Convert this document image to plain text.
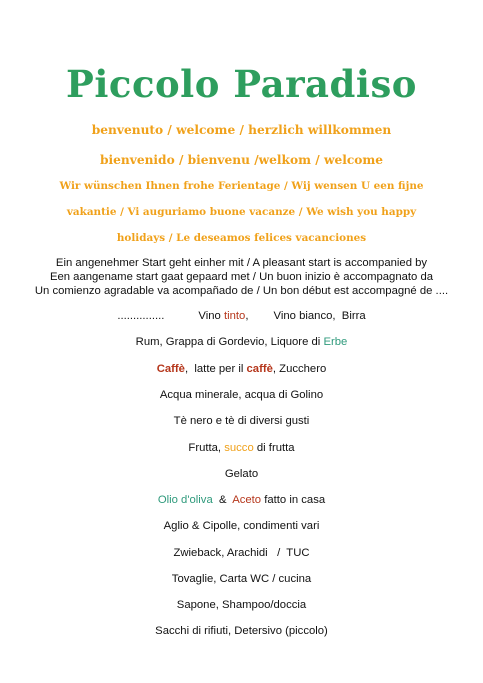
Piccolo Paradiso
benvenuto / welcome / herzlich willkommen
bienvenido / bienvenu /welkom / welcome
Wir wünschen Ihnen frohe Ferientage / Wij wensen U een fijne
vakantie / Vi auguriamo buone vacanze / We wish you happy
holidays / Le deseamos felices vacanciones
Ein angenehmer Start geht einher mit / A pleasant start is accompanied by
Een aangename start gaat gepaard met / Un buon inizio è accompagnato da
Un comienzo agradable va acompañado de / Un bon début est accompagné de ....
...............	Vino tinto,        Vino bianco,  Birra
Rum, Grappa di Gordevio, Liquore di Erbe
Caffè,  latte per il caffè, Zucchero
Acqua minerale, acqua di Golino
Tè nero e tè di diversi gusti
Frutta, succo di frutta
Gelato
Olio d'oliva  &  Aceto fatto in casa
Aglio & Cipolle, condimenti vari
Zwieback, Arachidi   /  TUC
Tovaglie, Carta WC / cucina
Sapone, Shampoo/doccia
Sacchi di rifiuti, Detersivo (piccolo)
